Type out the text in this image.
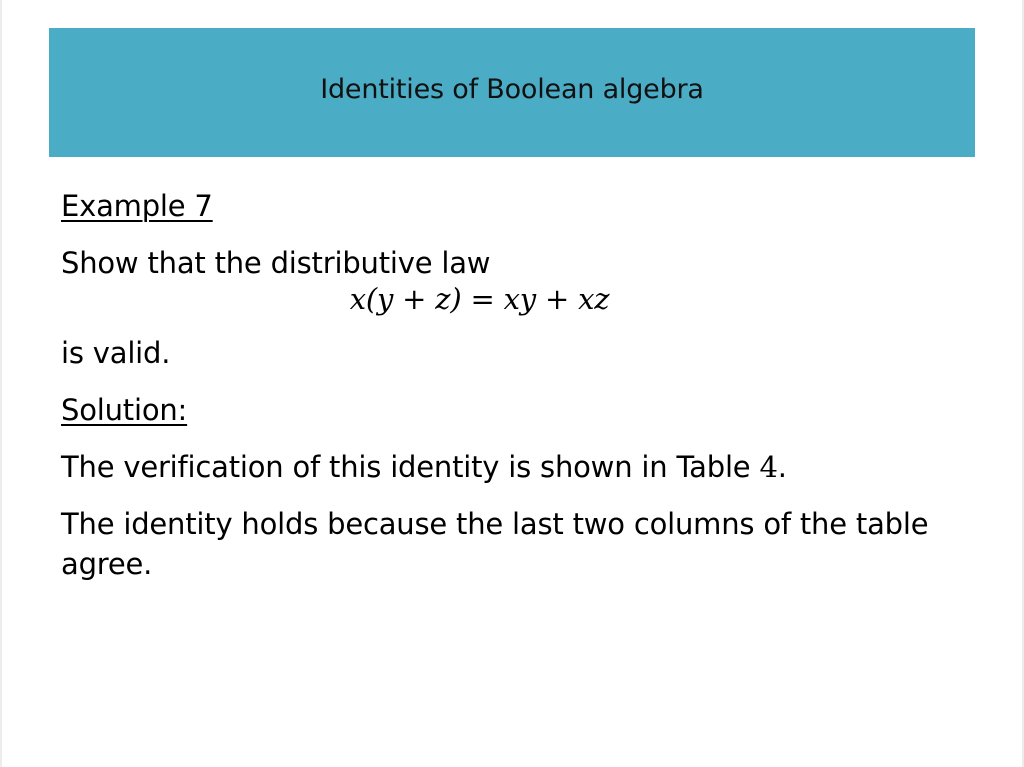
Identities of Boolean algebra
Example 7
Show that the distributive law
x(y + z) = xy + xz
is valid.
Solution:
The verification of this identity is shown in Table 4.
The identity holds because the last two columns of the table agree.
